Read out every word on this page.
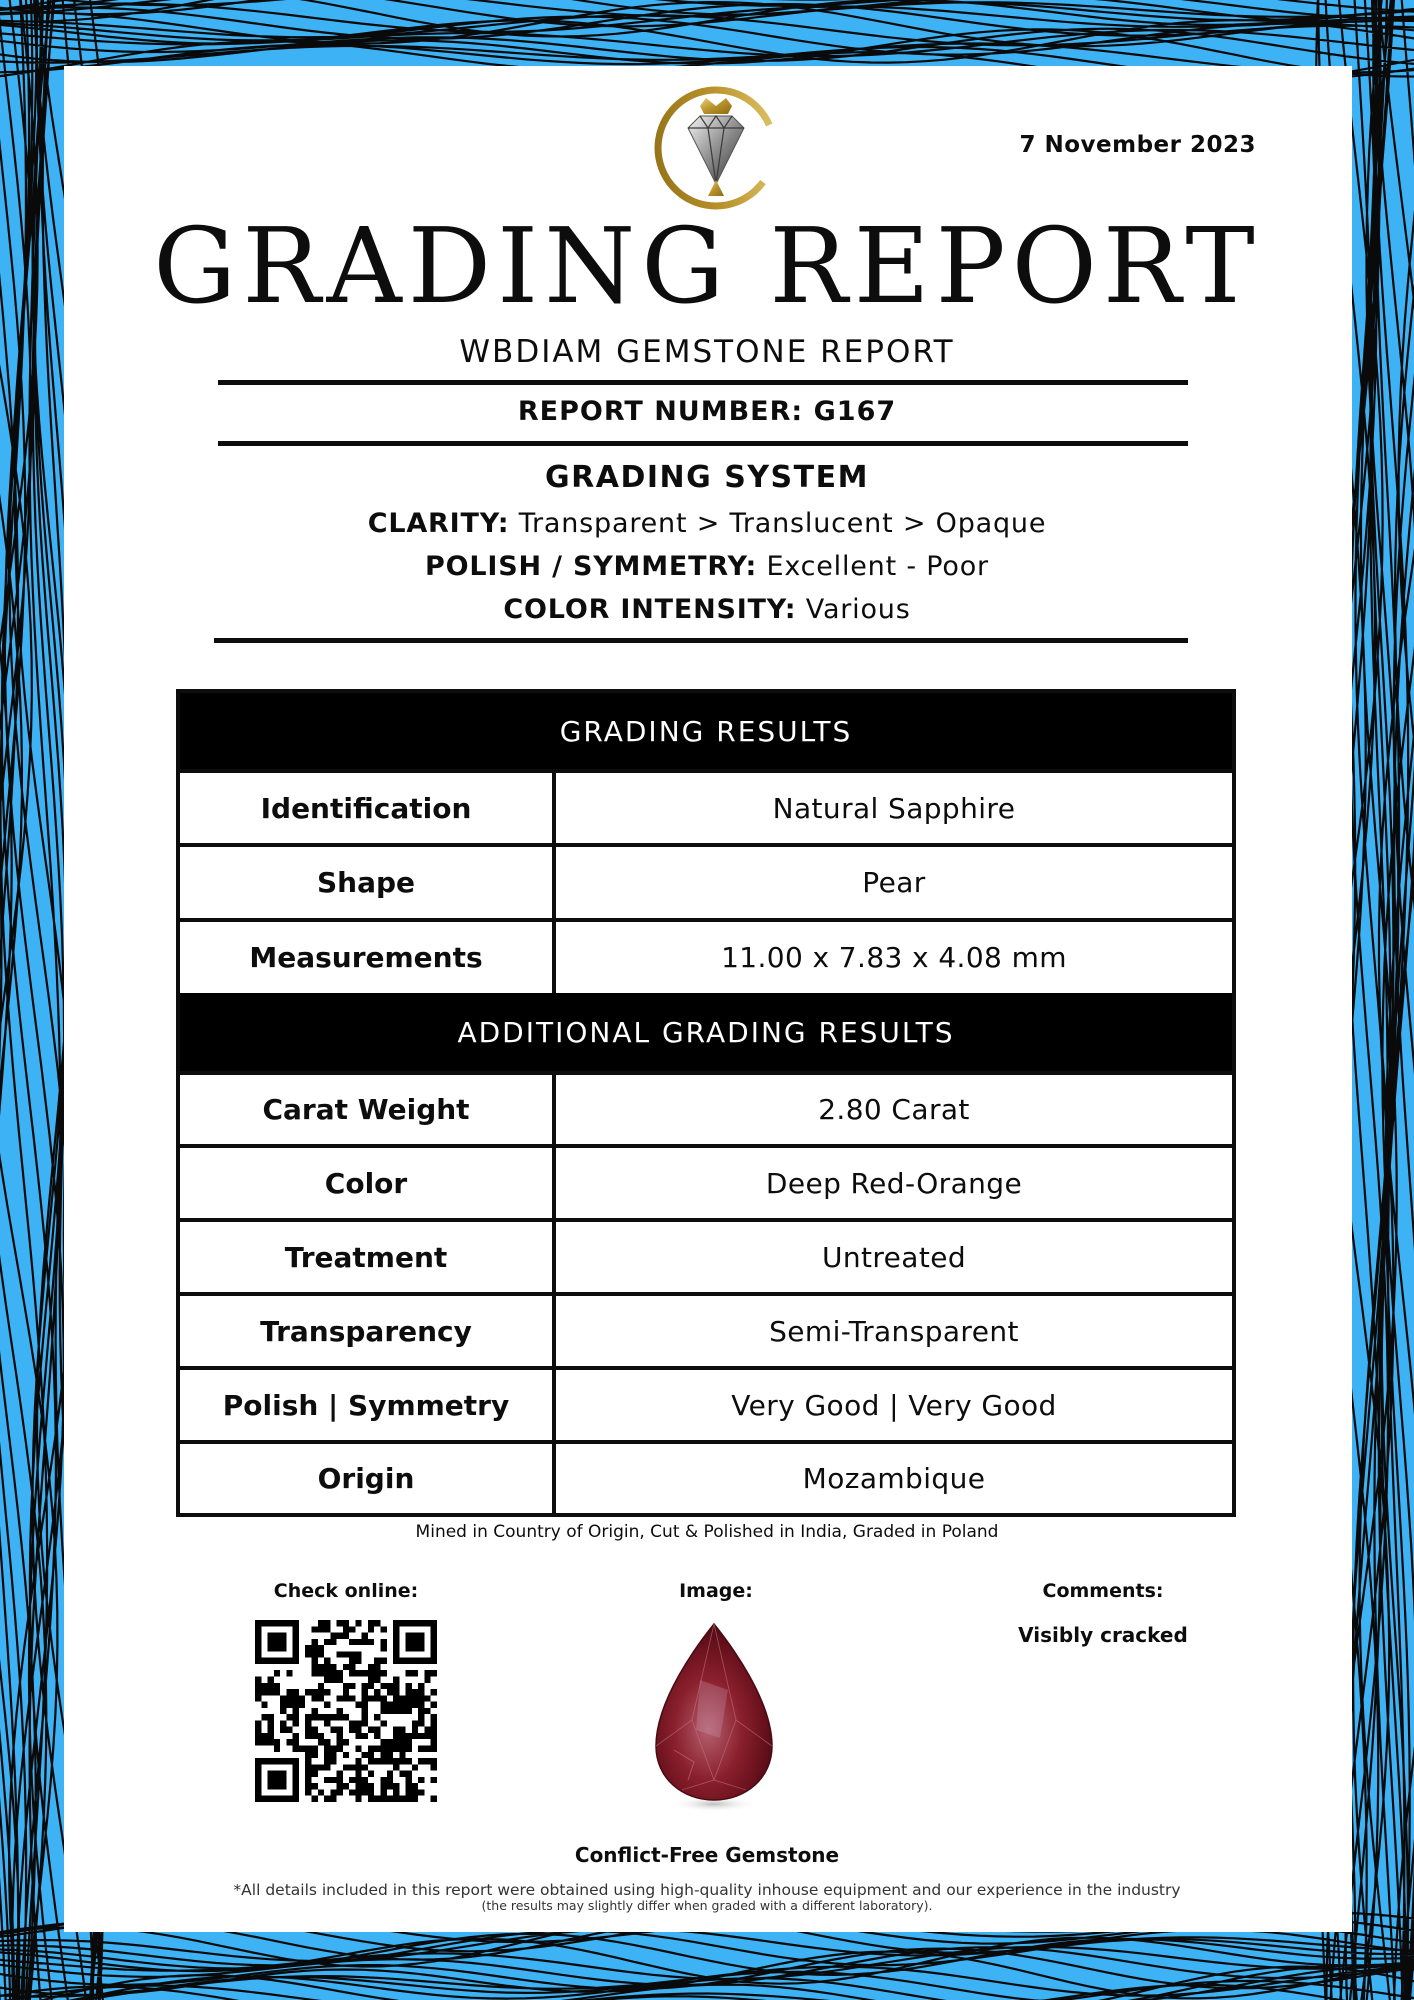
7 November 2023
GRADING REPORT
WBDIAM GEMSTONE REPORT
REPORT NUMBER: G167
GRADING SYSTEM
CLARITY: Transparent > Translucent > Opaque
POLISH / SYMMETRY: Excellent - Poor
COLOR INTENSITY: Various
GRADING RESULTS
Identification	Natural Sapphire
Shape	Pear
Measurements	11.00 x 7.83 x 4.08 mm
ADDITIONAL GRADING RESULTS
Carat Weight	2.80 Carat
Color	Deep Red-Orange
Treatment	Untreated
Transparency	Semi-Transparent
Polish | Symmetry	Very Good | Very Good
Origin	Mozambique
Mined in Country of Origin, Cut & Polished in India, Graded in Poland
Check online:	Image:	Comments:
Visibly cracked
Conflict-Free Gemstone
*All details included in this report were obtained using high-quality inhouse equipment and our experience in the industry
(the results may slightly differ when graded with a different laboratory).
